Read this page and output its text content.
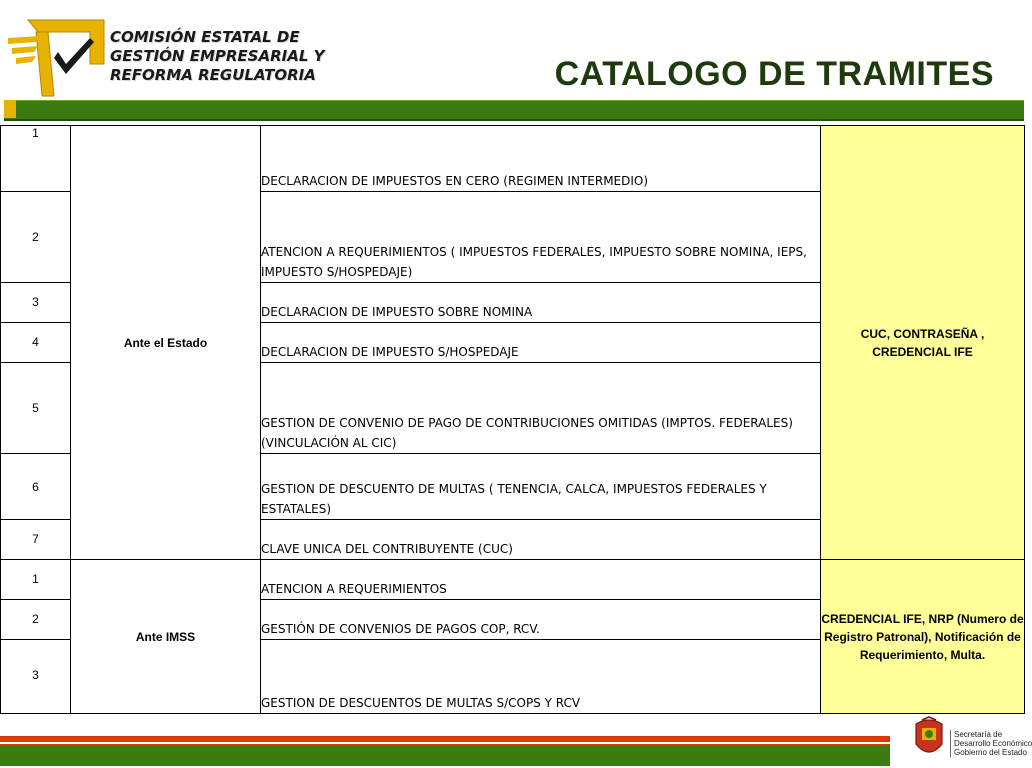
COMISIÓN ESTATAL DE
GESTIÓN EMPRESARIAL Y
REFORMA REGULATORIA	CATALOGO DE TRAMITES
1	Ante el Estado	DECLARACION DE IMPUESTOS EN CERO (REGIMEN INTERMEDIO)	CUC, CONTRASEÑA , CREDENCIAL IFE
2		ATENCION A REQUERIMIENTOS ( IMPUESTOS FEDERALES, IMPUESTO SOBRE NOMINA, IEPS, IMPUESTO S/HOSPEDAJE)	
3		DECLARACION DE IMPUESTO SOBRE NOMINA	
4		DECLARACION DE IMPUESTO S/HOSPEDAJE	
5		GESTION DE CONVENIO DE PAGO DE CONTRIBUCIONES OMITIDAS (IMPTOS. FEDERALES)(VINCULACIÓN AL CIC)	
6		GESTION DE DESCUENTO DE MULTAS ( TENENCIA, CALCA, IMPUESTOS FEDERALES Y ESTATALES)	
7		CLAVE UNICA DEL CONTRIBUYENTE (CUC)	
1	Ante IMSS	ATENCION A REQUERIMIENTOS	CREDENCIAL IFE, NRP (Numero de Registro Patronal), Notificación de Requerimiento, Multa.
2		GESTIÓN DE CONVENIOS DE PAGOS COP, RCV.	
3		GESTION DE DESCUENTOS DE MULTAS S/COPS Y RCV	
Secretaría de
Desarrollo Económico
Gobierno del Estado
